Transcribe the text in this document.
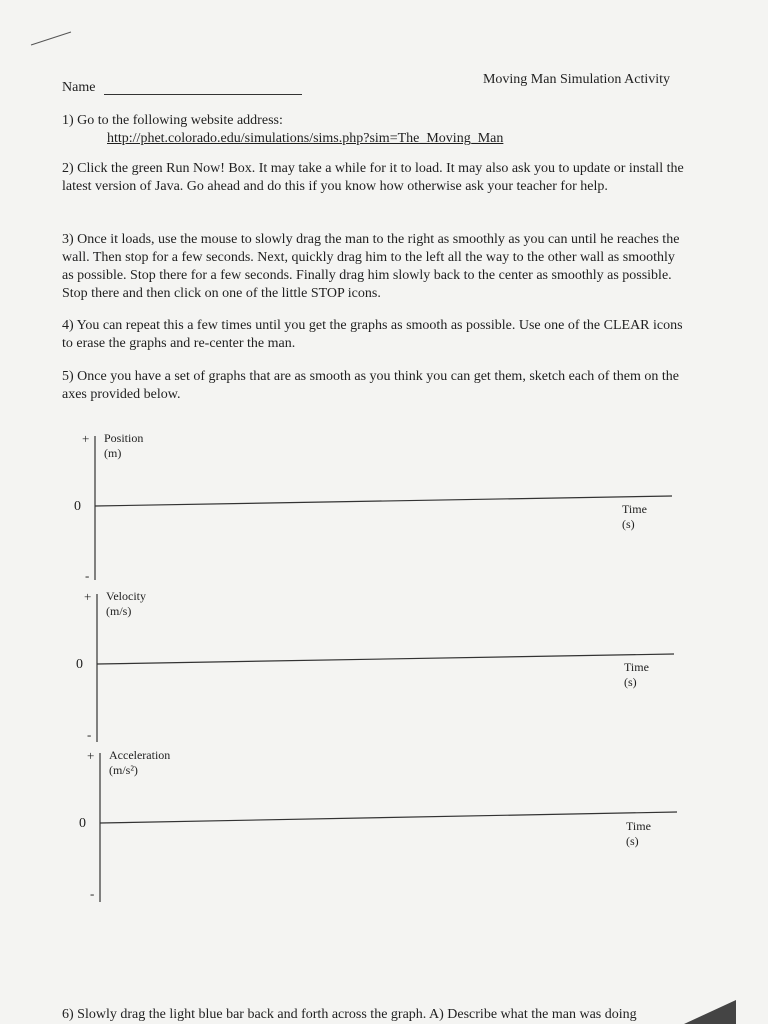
Name
Moving Man Simulation Activity
1) Go to the following website address:
http://phet.colorado.edu/simulations/sims.php?sim=The_Moving_Man
2) Click the green Run Now! Box. It may take a while for it to load. It may also ask you to update or install the latest version of Java. Go ahead and do this if you know how otherwise ask your teacher for help.
3) Once it loads, use the mouse to slowly drag the man to the right as smoothly as you can until he reaches the wall. Then stop for a few seconds. Next, quickly drag him to the left all the way to the other wall as smoothly as possible. Stop there for a few seconds. Finally drag him slowly back to the center as smoothly as possible. Stop there and then click on one of the little STOP icons.
4) You can repeat this a few times until you get the graphs as smooth as possible. Use one of the CLEAR icons to erase the graphs and re-center the man.
5) Once you have a set of graphs that are as smooth as you think you can get them, sketch each of them on the axes provided below.
+ Position (m)
0	Time (s)
-
+ Velocity (m/s)
0	Time (s)
-
+ Acceleration (m/s²)
0	Time (s)
-
6) Slowly drag the light blue bar back and forth across the graph. A) Describe what the man was doing
